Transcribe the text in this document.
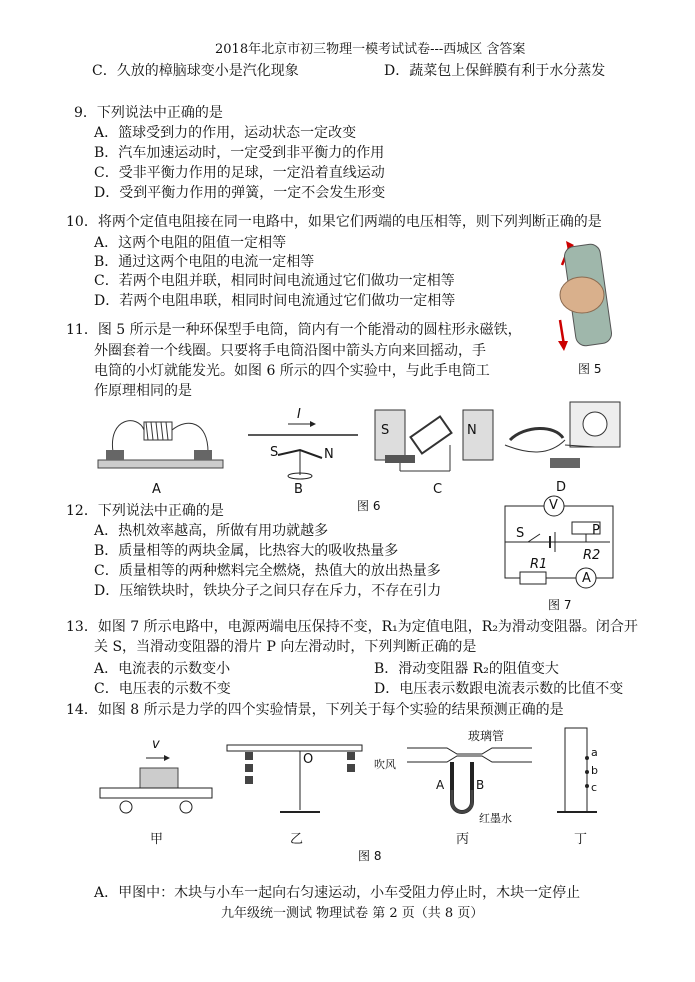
2018年北京市初三物理一模考试试卷---西城区 含答案
C．久放的樟脑球变小是汽化现象	D．蔬菜包上保鲜膜有利于水分蒸发
9．下列说法中正确的是
A．篮球受到力的作用，运动状态一定改变
B．汽车加速运动时，一定受到非平衡力的作用
C．受非平衡力作用的足球，一定沿着直线运动
D．受到平衡力作用的弹簧，一定不会发生形变
10．将两个定值电阻接在同一电路中，如果它们两端的电压相等，则下列判断正确的是
A．这两个电阻的阻值一定相等
B．通过这两个电阻的电流一定相等
C．若两个电阻并联，相同时间电流通过它们做功一定相等
D．若两个电阻串联，相同时间电流通过它们做功一定相等
图 5
11．图 5 所示是一种环保型手电筒，筒内有一个能滑动的圆柱形永磁铁，
外圈套着一个线圈。只要将手电筒沿图中箭头方向来回摇动，手
电筒的小灯就能发光。如图 6 所示的四个实验中，与此手电筒工
作原理相同的是
A
I
S	N
B
S	N
C	D
图 6
12．下列说法中正确的是
A．热机效率越高，所做有用功就越多
B．质量相等的两块金属，比热容大的吸收热量多
C．质量相等的两种燃料完全燃烧，热值大的放出热量多
D．压缩铁块时，铁块分子之间只存在斥力，不存在引力
V
S	P
R1
R2
A
图 7
13．如图 7 所示电路中，电源两端电压保持不变，R₁为定值电阻，R₂为滑动变阻器。闭合开
关 S，当滑动变阻器的滑片 P 向左滑动时，下列判断正确的是
A．电流表的示数变小	B．滑动变阻器 R₂的阻值变大
C．电压表的示数不变	D．电压表示数跟电流表示数的比值不变
14．如图 8 所示是力学的四个实验情景，下列关于每个实验的结果预测正确的是
v
甲
O
乙
吹风
玻璃管
A	B
红墨水
丙
a
b
c
丁
图 8
A．甲图中：木块与小车一起向右匀速运动，小车受阻力停止时，木块一定停止
九年级统一测试 物理试卷 第 2 页（共 8 页）
